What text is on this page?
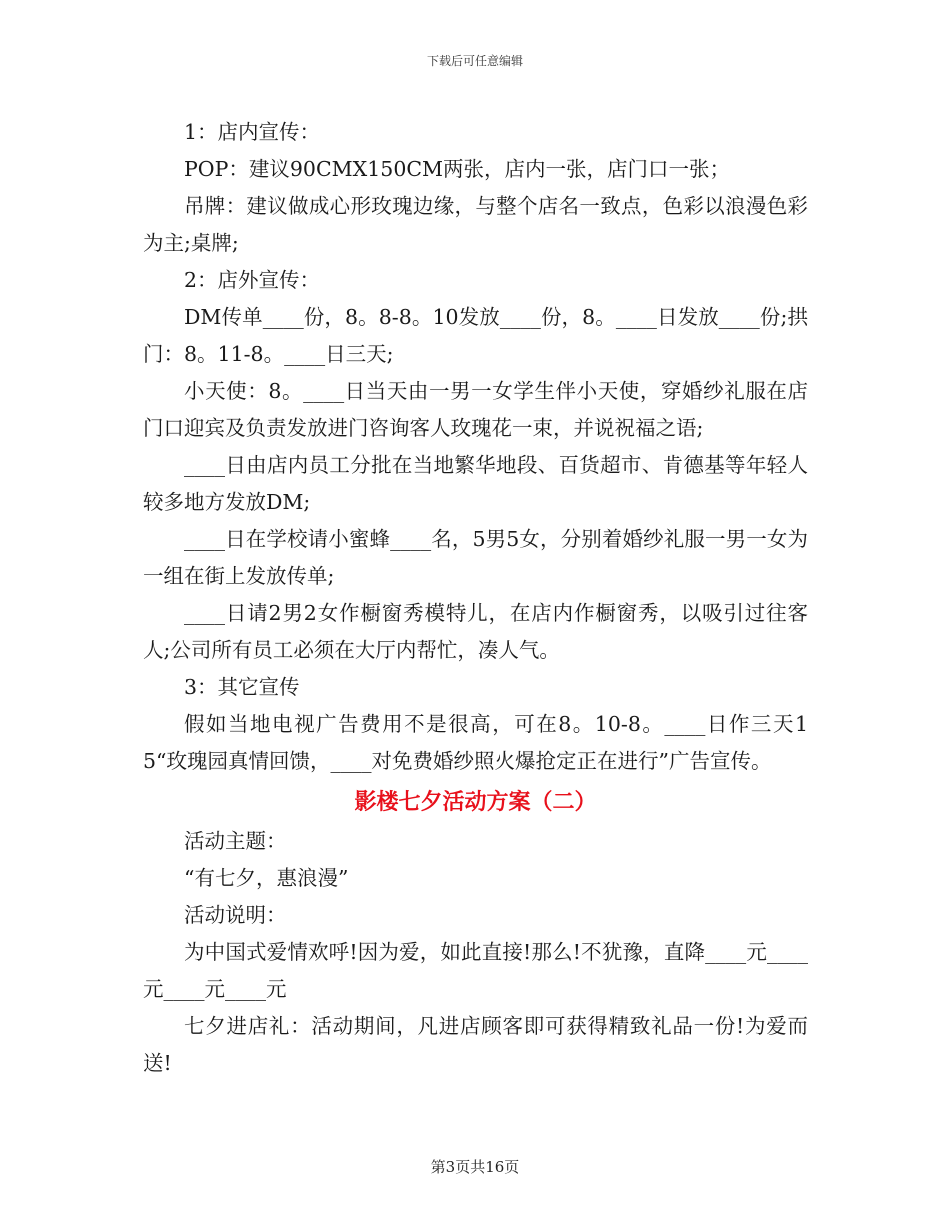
下载后可任意编辑

1：店内宣传：

POP：建议90CMX150CM两张，店内一张，店门口一张；

吊牌：建议做成心形玫瑰边缘，与整个店名一致点，色彩以浪漫色彩为主;桌牌;

2：店外宣传：

DM传单____份，8。8-8。10发放____份，8。____日发放____份;拱门：8。11-8。____日三天;

小天使：8。____日当天由一男一女学生伴小天使，穿婚纱礼服在店门口迎宾及负责发放进门咨询客人玫瑰花一束，并说祝福之语;

____日由店内员工分批在当地繁华地段、百货超市、肯德基等年轻人较多地方发放DM;

____日在学校请小蜜蜂____名，5男5女，分别着婚纱礼服一男一女为一组在街上发放传单;

____日请2男2女作橱窗秀模特儿，在店内作橱窗秀，以吸引过往客人;公司所有员工必须在大厅内帮忙，凑人气。

3：其它宣传

假如当地电视广告费用不是很高，可在8。10-8。____日作三天15“玫瑰园真情回馈，____对免费婚纱照火爆抢定正在进行”广告宣传。

影楼七夕活动方案（二）

活动主题：

“有七夕，惠浪漫”

活动说明：

为中国式爱情欢呼!因为爱，如此直接!那么!不犹豫，直降____元____元____元____元

七夕进店礼：活动期间，凡进店顾客即可获得精致礼品一份!为爱而送!

第3页共16页
